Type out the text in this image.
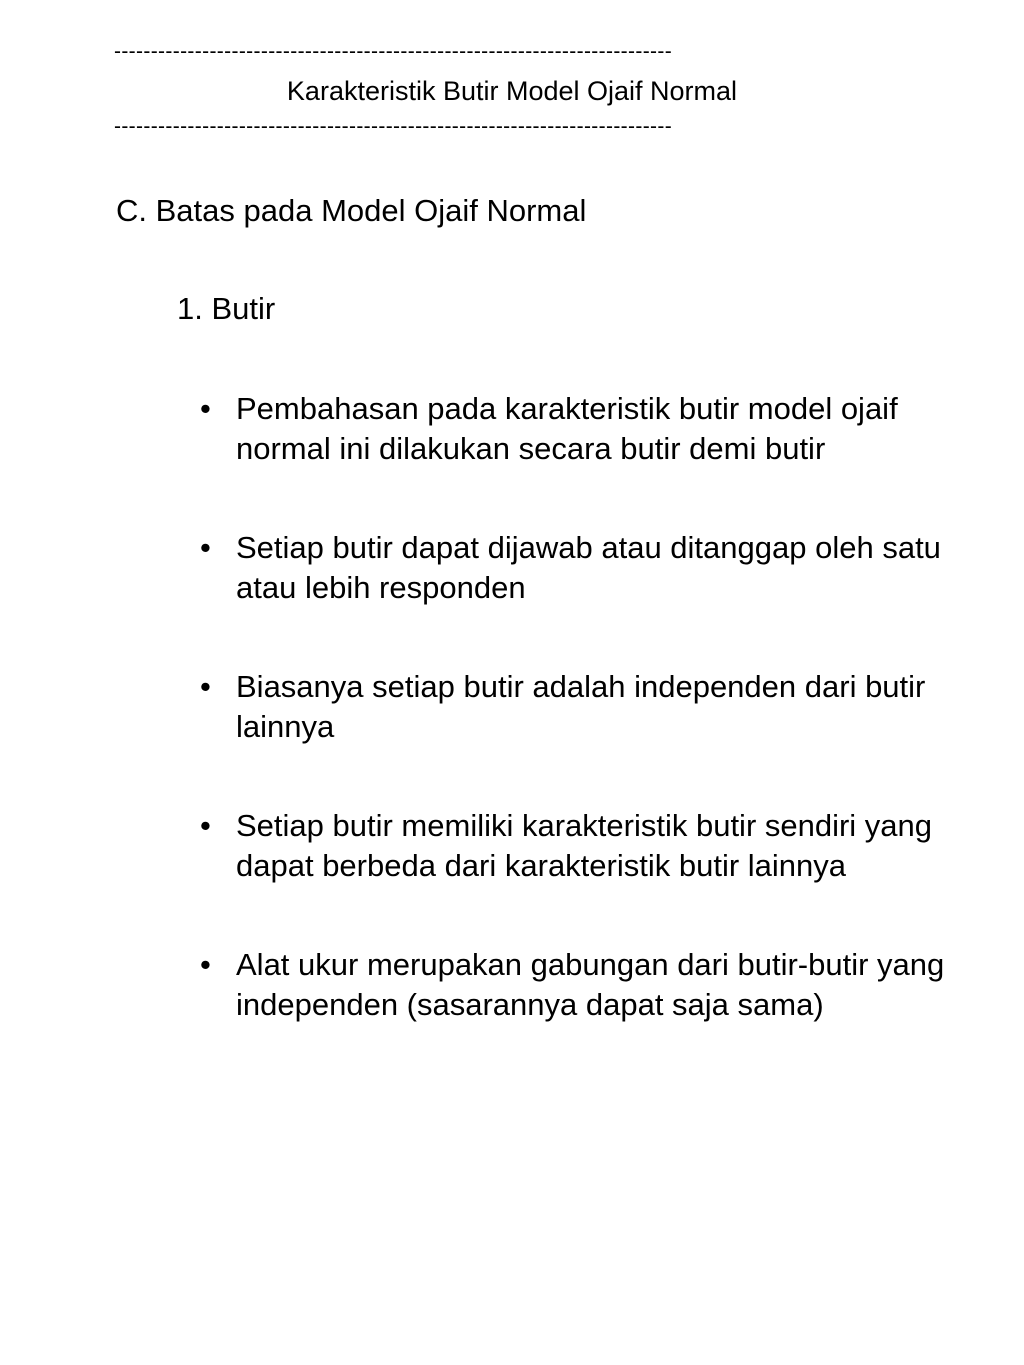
----------------------------------------------------------------------------
Karakteristik Butir Model Ojaif Normal
----------------------------------------------------------------------------
C. Batas pada Model Ojaif Normal
1. Butir
• Pembahasan pada karakteristik butir model ojaif normal ini dilakukan secara butir demi butir
• Setiap butir dapat dijawab atau ditanggap oleh satu atau lebih responden
• Biasanya setiap butir adalah independen dari butir lainnya
• Setiap butir memiliki karakteristik butir sendiri yang dapat berbeda dari karakteristik butir lainnya
• Alat ukur merupakan gabungan dari butir-butir yang independen (sasarannya dapat saja sama)
